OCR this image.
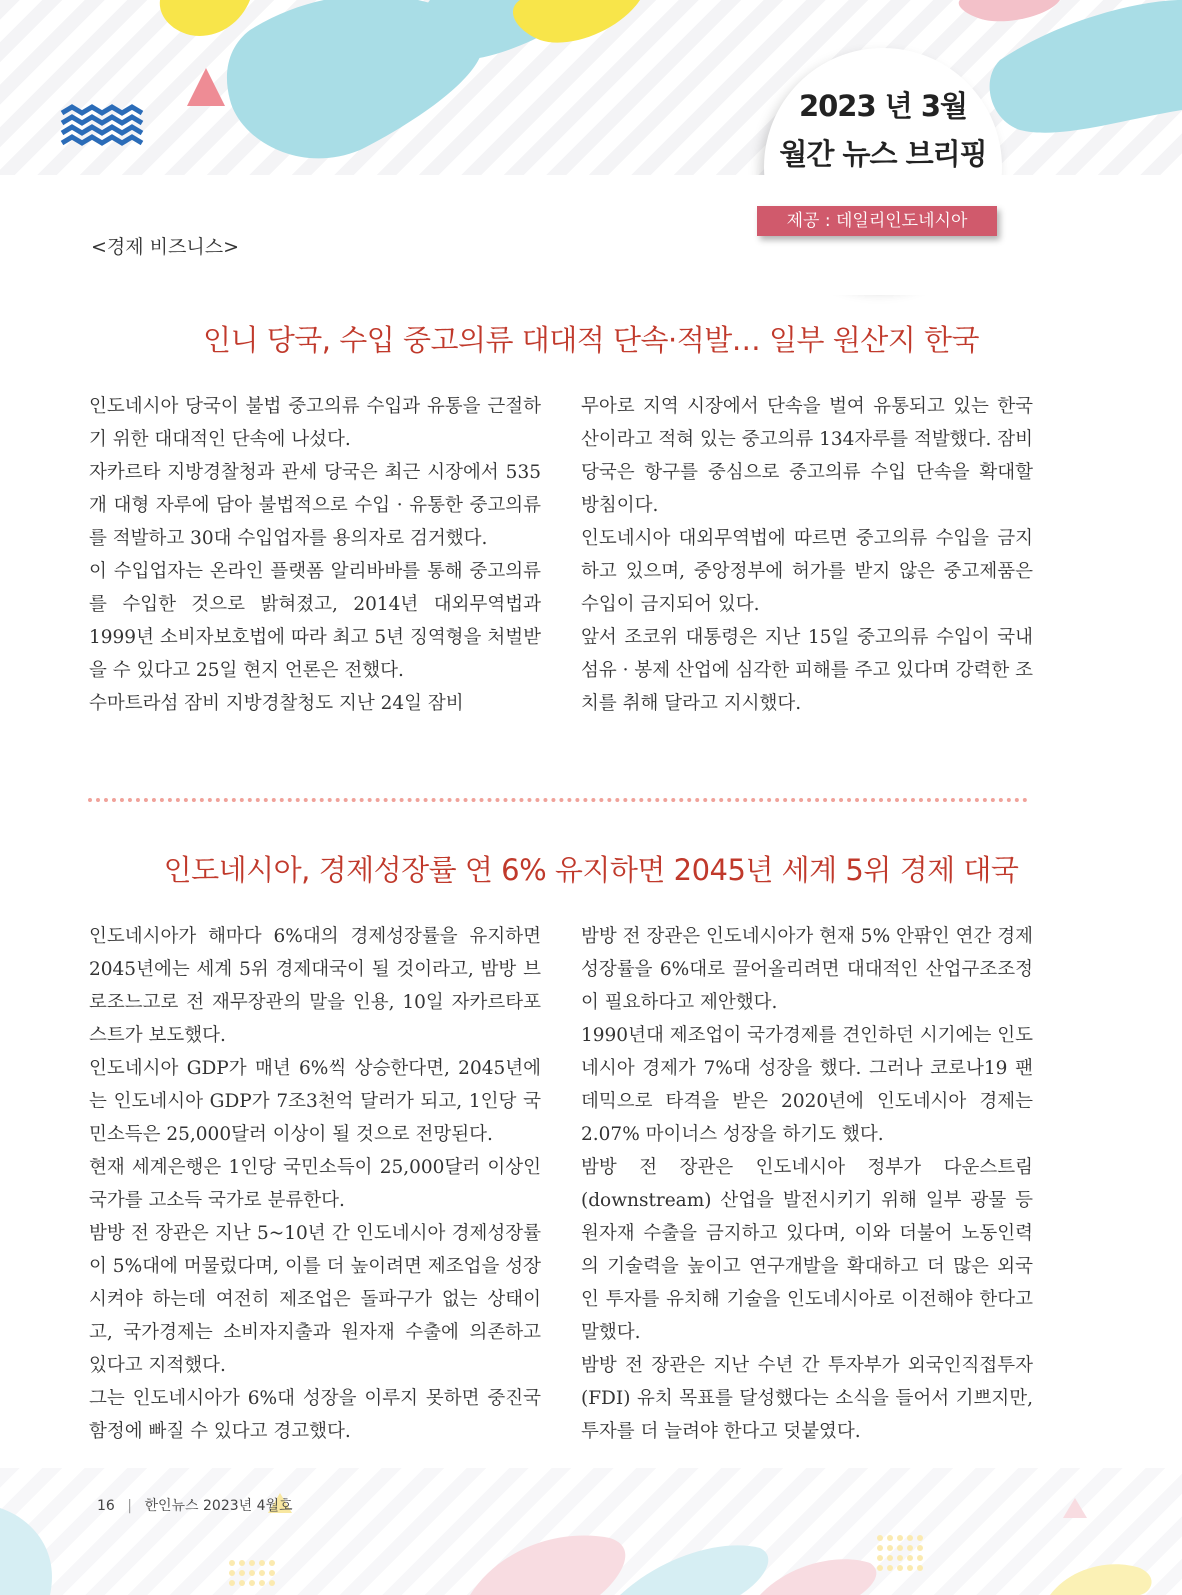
2023 년 3월
월간 뉴스 브리핑
제공 : 데일리인도네시아
<경제 비즈니스>
인니 당국, 수입 중고의류 대대적 단속·적발… 일부 원산지 한국

인도네시아 당국이 불법 중고의류 수입과 유통을 근절하기 위한 대대적인 단속에 나섰다.

자카르타 지방경찰청과 관세 당국은 최근 시장에서 535개 대형 자루에 담아 불법적으로 수입 · 유통한 중고의류를 적발하고 30대 수입업자를 용의자로 검거했다.

이 수입업자는 온라인 플랫폼 알리바바를 통해 중고의류를 수입한 것으로 밝혀졌고, 2014년 대외무역법과 1999년 소비자보호법에 따라 최고 5년 징역형을 처벌받을 수 있다고 25일 현지 언론은 전했다.

수마트라섬 잠비 지방경찰청도 지난 24일 잠비

무아로 지역 시장에서 단속을 벌여 유통되고 있는 한국산이라고 적혀 있는 중고의류 134자루를 적발했다. 잠비 당국은 항구를 중심으로 중고의류 수입 단속을 확대할 방침이다.

인도네시아 대외무역법에 따르면 중고의류 수입을 금지하고 있으며, 중앙정부에 허가를 받지 않은 중고제품은 수입이 금지되어 있다.

앞서 조코위 대통령은 지난 15일 중고의류 수입이 국내 섬유 · 봉제 산업에 심각한 피해를 주고 있다며 강력한 조치를 취해 달라고 지시했다.

인도네시아, 경제성장률 연 6% 유지하면 2045년 세계 5위 경제 대국

인도네시아가 해마다 6%대의 경제성장률을 유지하면 2045년에는 세계 5위 경제대국이 될 것이라고, 밤방 브로조느고로 전 재무장관의 말을 인용, 10일 자카르타포스트가 보도했다.

인도네시아 GDP가 매년 6%씩 상승한다면, 2045년에는 인도네시아 GDP가 7조3천억 달러가 되고, 1인당 국민소득은 25,000달러 이상이 될 것으로 전망된다.

현재 세계은행은 1인당 국민소득이 25,000달러 이상인 국가를 고소득 국가로 분류한다.

밤방 전 장관은 지난 5~10년 간 인도네시아 경제성장률이 5%대에 머물렀다며, 이를 더 높이려면 제조업을 성장시켜야 하는데 여전히 제조업은 돌파구가 없는 상태이고, 국가경제는 소비자지출과 원자재 수출에 의존하고 있다고 지적했다.

그는 인도네시아가 6%대 성장을 이루지 못하면 중진국 함정에 빠질 수 있다고 경고했다.

밤방 전 장관은 인도네시아가 현재 5% 안팎인 연간 경제성장률을 6%대로 끌어올리려면 대대적인 산업구조조정이 필요하다고 제안했다.

1990년대 제조업이 국가경제를 견인하던 시기에는 인도네시아 경제가 7%대 성장을 했다. 그러나 코로나19 팬데믹으로 타격을 받은 2020년에 인도네시아 경제는 2.07% 마이너스 성장을 하기도 했다.

밤방 전 장관은 인도네시아 정부가 다운스트림(downstream) 산업을 발전시키기 위해 일부 광물 등 원자재 수출을 금지하고 있다며, 이와 더불어 노동인력의 기술력을 높이고 연구개발을 확대하고 더 많은 외국인 투자를 유치해 기술을 인도네시아로 이전해야 한다고 말했다.

밤방 전 장관은 지난 수년 간 투자부가 외국인직접투자(FDI) 유치 목표를 달성했다는 소식을 들어서 기쁘지만, 투자를 더 늘려야 한다고 덧붙였다.

16 | 한인뉴스 2023년 4월호
